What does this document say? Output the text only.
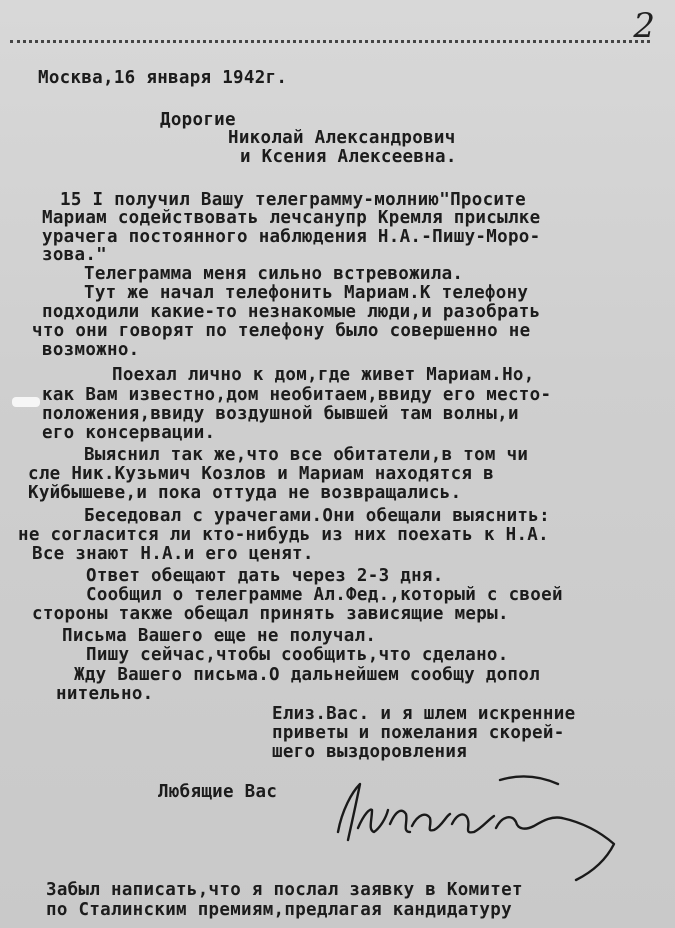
2
Москва,16 января 1942г.
Дорогие
Николай Александрович
и Ксения Алексеевна.
15 I получил Вашу телеграмму-молнию"Просите
Мариам содействовать лечсанупр Кремля присылке
урачега постоянного наблюдения Н.А.-Пишу-Моро-
зова."
Телеграмма меня сильно встревожила.
Тут же начал телефонить Мариам.К телефону
подходили какие-то незнакомые люди,и разобрать
что они говорят по телефону было совершенно не
возможно.
Поехал лично к дом,где живет Мариам.Но,
как Вам известно,дом необитаем,ввиду его место-
положения,ввиду воздушной бывшей там волны,и
его консервации.
Выяснил так же,что все обитатели,в том чи
сле Ник.Кузьмич Козлов и Мариам находятся в
Куйбышеве,и пока оттуда не возвращались.
Беседовал с урачегами.Они обещали выяснить:
не согласится ли кто-нибудь из них поехать к Н.А.
Все знают Н.А.и его ценят.
Ответ обещают дать через 2-3 дня.
Сообщил о телеграмме Ал.Фед.,который с своей
стороны также обещал принять зависящие меры.
Письма Вашего еще не получал.
Пишу сейчас,чтобы сообщить,что сделано.
Жду Вашего письма.О дальнейшем сообщу допол
нительно.
Елиз.Вас. и я шлем искренние
приветы и пожелания скорей-
шего выздоровления
Любящие Вас
Забыл написать,что я послал заявку в Комитет
по Сталинским премиям,предлагая кандидатуру
